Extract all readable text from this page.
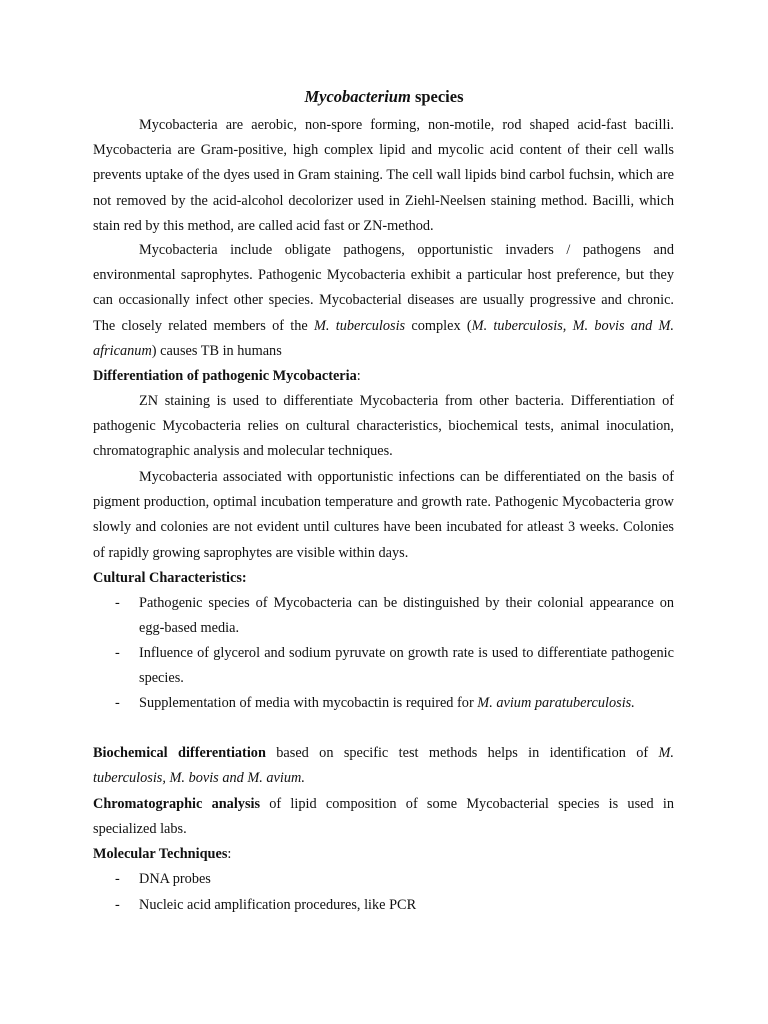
Mycobacterium species

Mycobacteria are aerobic, non-spore forming, non-motile, rod shaped acid-fast bacilli. Mycobacteria are Gram-positive, high complex lipid and mycolic acid content of their cell walls prevents uptake of the dyes used in Gram staining. The cell wall lipids bind carbol fuchsin, which are not removed by the acid-alcohol decolorizer used in Ziehl-Neelsen staining method. Bacilli, which stain red by this method, are called acid fast or ZN-method.

Mycobacteria include obligate pathogens, opportunistic invaders / pathogens and environmental saprophytes. Pathogenic Mycobacteria exhibit a particular host preference, but they can occasionally infect other species. Mycobacterial diseases are usually progressive and chronic. The closely related members of the M. tuberculosis complex (M. tuberculosis, M. bovis and M. africanum) causes TB in humans

Differentiation of pathogenic Mycobacteria:

ZN staining is used to differentiate Mycobacteria from other bacteria. Differentiation of pathogenic Mycobacteria relies on cultural characteristics, biochemical tests, animal inoculation, chromatographic analysis and molecular techniques.

Mycobacteria associated with opportunistic infections can be differentiated on the basis of pigment production, optimal incubation temperature and growth rate. Pathogenic Mycobacteria grow slowly and colonies are not evident until cultures have been incubated for atleast 3 weeks. Colonies of rapidly growing saprophytes are visible within days.

Cultural Characteristics:

- Pathogenic species of Mycobacteria can be distinguished by their colonial appearance on egg-based media.

- Influence of glycerol and sodium pyruvate on growth rate is used to differentiate pathogenic species.

- Supplementation of media with mycobactin is required for M. avium paratuberculosis.

Biochemical differentiation based on specific test methods helps in identification of M. tuberculosis, M. bovis and M. avium.

Chromatographic analysis of lipid composition of some Mycobacterial species is used in specialized labs.

Molecular Techniques:

- DNA probes

- Nucleic acid amplification procedures, like PCR
